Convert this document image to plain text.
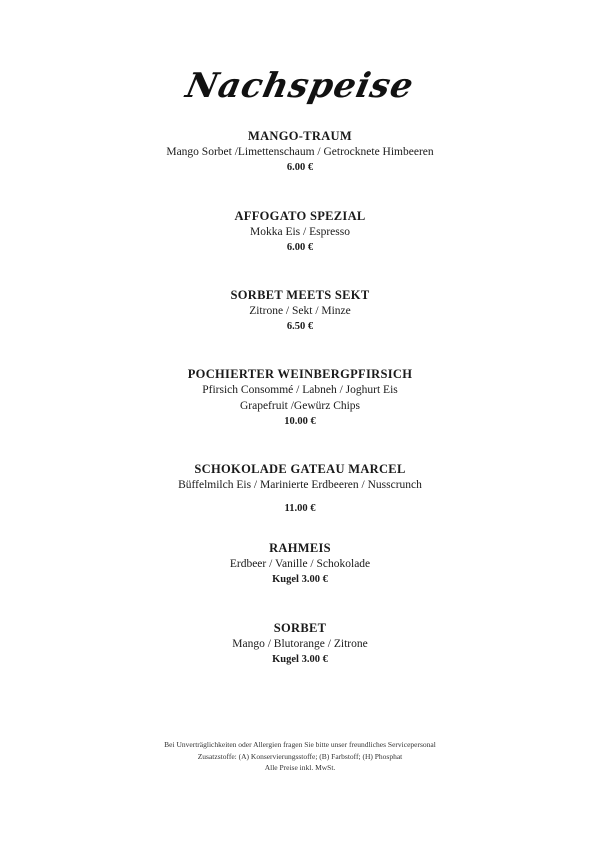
Nachspeise
MANGO-TRAUM
Mango Sorbet /Limettenschaum / Getrocknete Himbeeren
6.00 €
AFFOGATO SPEZIAL
Mokka Eis / Espresso
6.00 €
SORBET MEETS SEKT
Zitrone / Sekt / Minze
6.50 €
POCHIERTER WEINBERGPFIRSICH
Pfirsich Consommé / Labneh / Joghurt Eis
Grapefruit /Gewürz Chips
10.00 €
SCHOKOLADE GATEAU MARCEL
Büffelmilch Eis / Marinierte Erdbeeren / Nusscrunch
11.00 €
RAHMEIS
Erdbeer / Vanille / Schokolade
Kugel 3.00 €
SORBET
Mango / Blutorange / Zitrone
Kugel 3.00 €
Bei Unverträglichkeiten oder Allergien fragen Sie bitte unser freundliches Servicepersonal
Zusatzstoffe: (A) Konservierungsstoffe; (B) Farbstoff; (H) Phosphat
Alle Preise inkl. MwSt.
